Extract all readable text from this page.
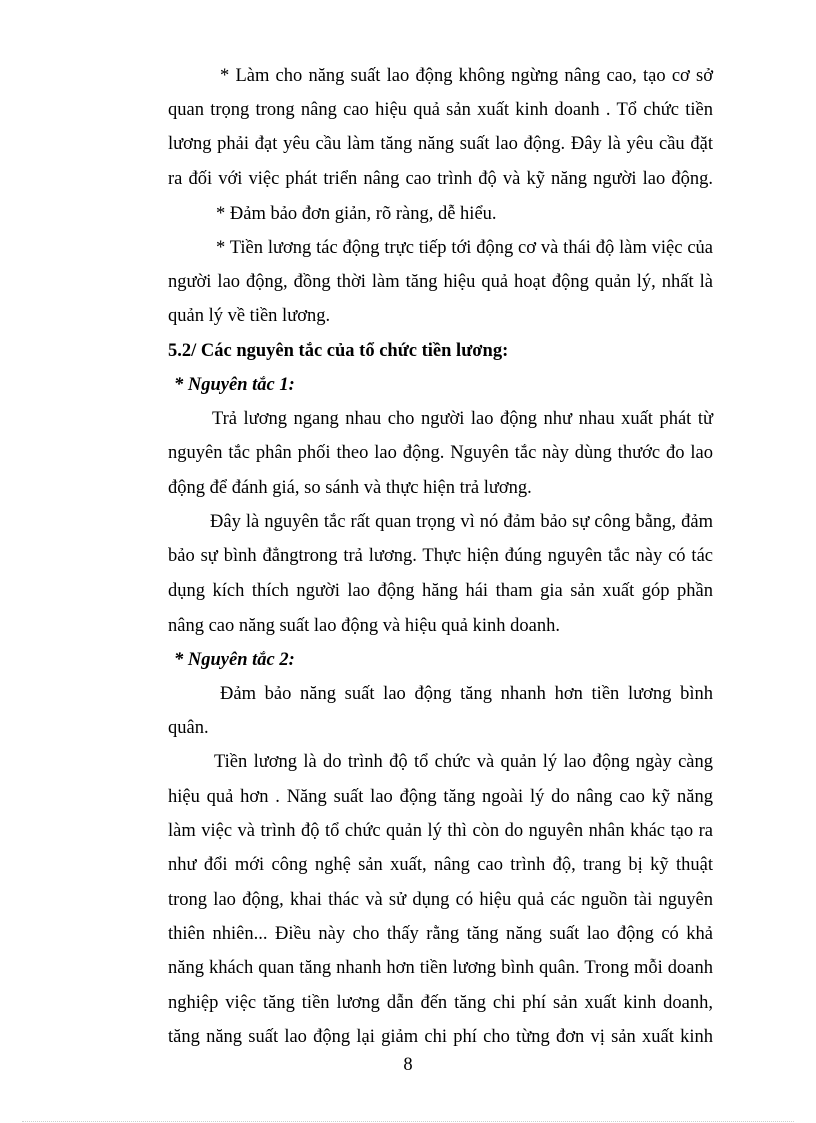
* Làm cho năng suất lao động không ngừng nâng cao, tạo cơ sở
quan trọng trong nâng cao hiệu quả sản xuất kinh doanh . Tổ chức tiền
lương phải đạt yêu cầu làm tăng năng suất lao động. Đây là yêu cầu đặt
ra đối với việc phát triển nâng cao trình độ và kỹ năng người lao động.
* Đảm bảo đơn giản, rõ ràng, dễ hiểu.
* Tiền lương tác động trực tiếp tới động cơ và thái độ làm việc của
người lao động, đồng thời làm tăng hiệu quả hoạt động quản lý, nhất là
quản lý về tiền lương.
5.2/ Các nguyên tắc của tổ chức tiền lương:
* Nguyên tắc 1:
Trả lương ngang nhau cho người lao động như nhau xuất phát từ
nguyên tắc phân phối theo lao động. Nguyên tắc này dùng thước đo lao
động để đánh giá, so sánh và thực hiện trả lương.
Đây là nguyên tắc rất quan trọng vì nó đảm bảo sự công bằng, đảm
bảo sự bình đẳngtrong trả lương. Thực hiện đúng nguyên tắc này có tác
dụng kích thích người lao động hăng hái tham gia sản xuất góp phần
nâng cao năng suất lao động và hiệu quả kinh doanh.
* Nguyên tắc 2:
Đảm bảo năng suất lao động tăng nhanh hơn tiền lương bình
quân.
Tiền lương là do trình độ tổ chức và quản lý lao động ngày càng
hiệu quả hơn . Năng suất lao động tăng ngoài lý do nâng cao kỹ năng
làm việc và trình độ tổ chức quản lý thì còn do nguyên nhân khác tạo ra
như đổi mới công nghệ sản xuất, nâng cao trình độ, trang bị kỹ thuật
trong lao động, khai thác và sử dụng có hiệu quả các nguồn tài nguyên
thiên nhiên... Điều này cho thấy rằng tăng năng suất lao động có khả
năng khách quan tăng nhanh hơn tiền lương bình quân. Trong mỗi doanh
nghiệp việc tăng tiền lương dẫn đến tăng chi phí sản xuất kinh doanh,
tăng năng suất lao động lại giảm chi phí cho từng đơn vị sản xuất kinh
8
